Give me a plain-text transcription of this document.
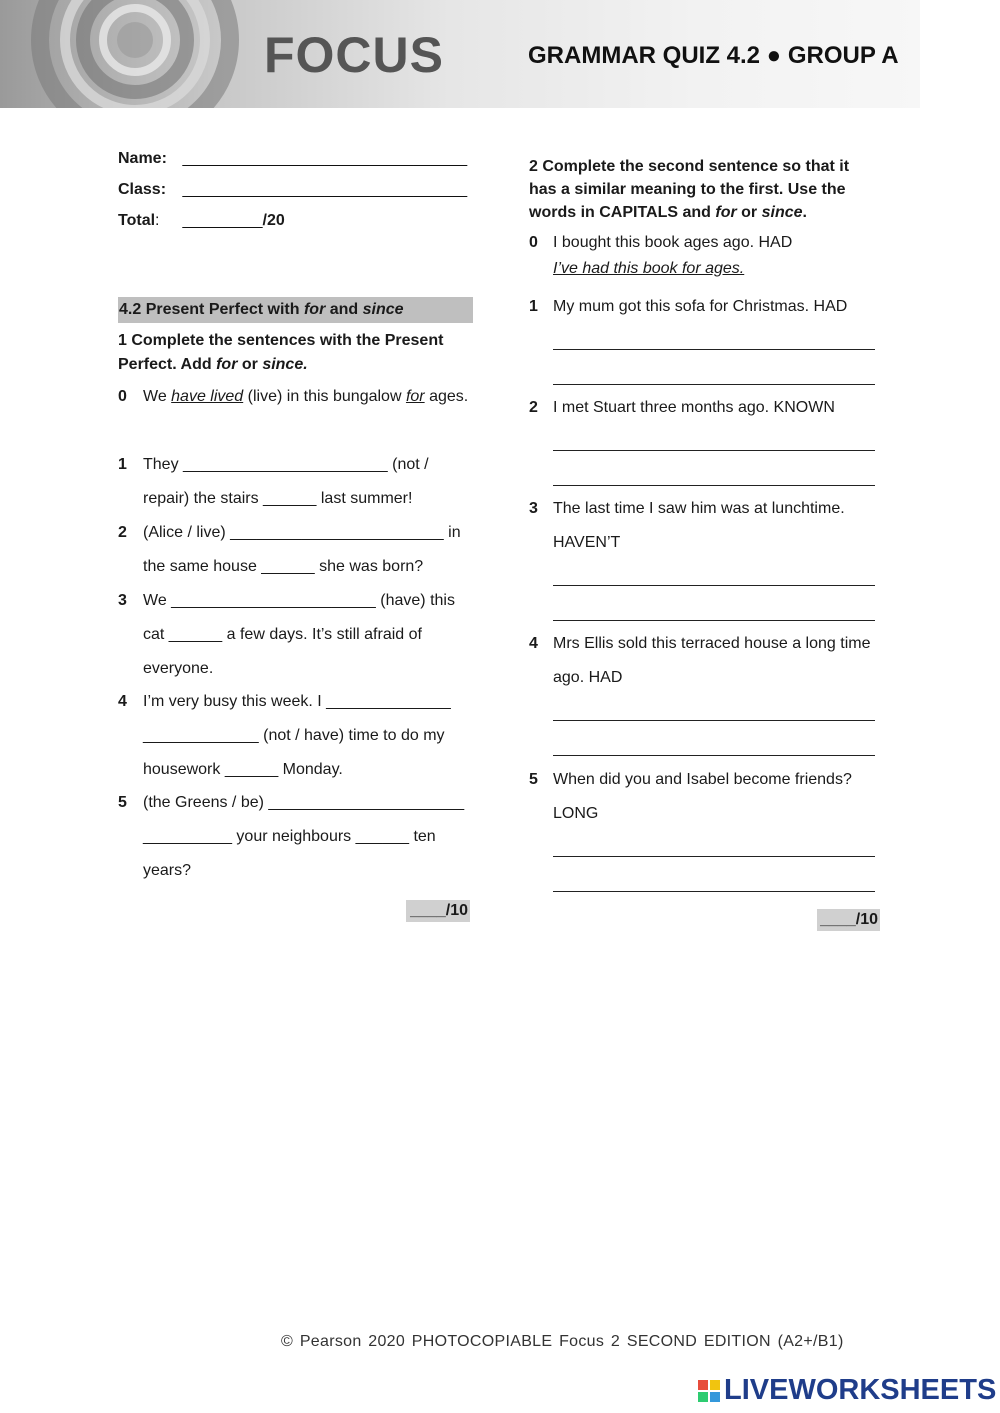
FOCUS	GRAMMAR QUIZ 4.2 ● GROUP A
Name: ________________________________
Class: ________________________________
Total: _________/20
4.2 Present Perfect with for and since
1 Complete the sentences with the Present Perfect. Add for or since.
0 We have lived (live) in this bungalow for ages.
1 They _______________________ (not / repair) the stairs ______ last summer!
2 (Alice / live) ________________________ in the same house ______ she was born?
3 We _______________________ (have) this cat ______ a few days. It’s still afraid of everyone.
4 I’m very busy this week. I ______________ _____________ (not / have) time to do my housework ______ Monday.
5 (the Greens / be) ______________________ __________ your neighbours ______ ten years?
____/10
2 Complete the second sentence so that it has a similar meaning to the first. Use the words in CAPITALS and for or since.
0 I bought this book ages ago. HAD
I’ve had this book for ages.
1 My mum got this sofa for Christmas. HAD
2 I met Stuart three months ago. KNOWN
3 The last time I saw him was at lunchtime. HAVEN’T
4 Mrs Ellis sold this terraced house a long time ago. HAD
5 When did you and Isabel become friends? LONG
____/10
© Pearson 2020 PHOTOCOPIABLE Focus 2 SECOND EDITION (A2+/B1)
LIVEWORKSHEETS
